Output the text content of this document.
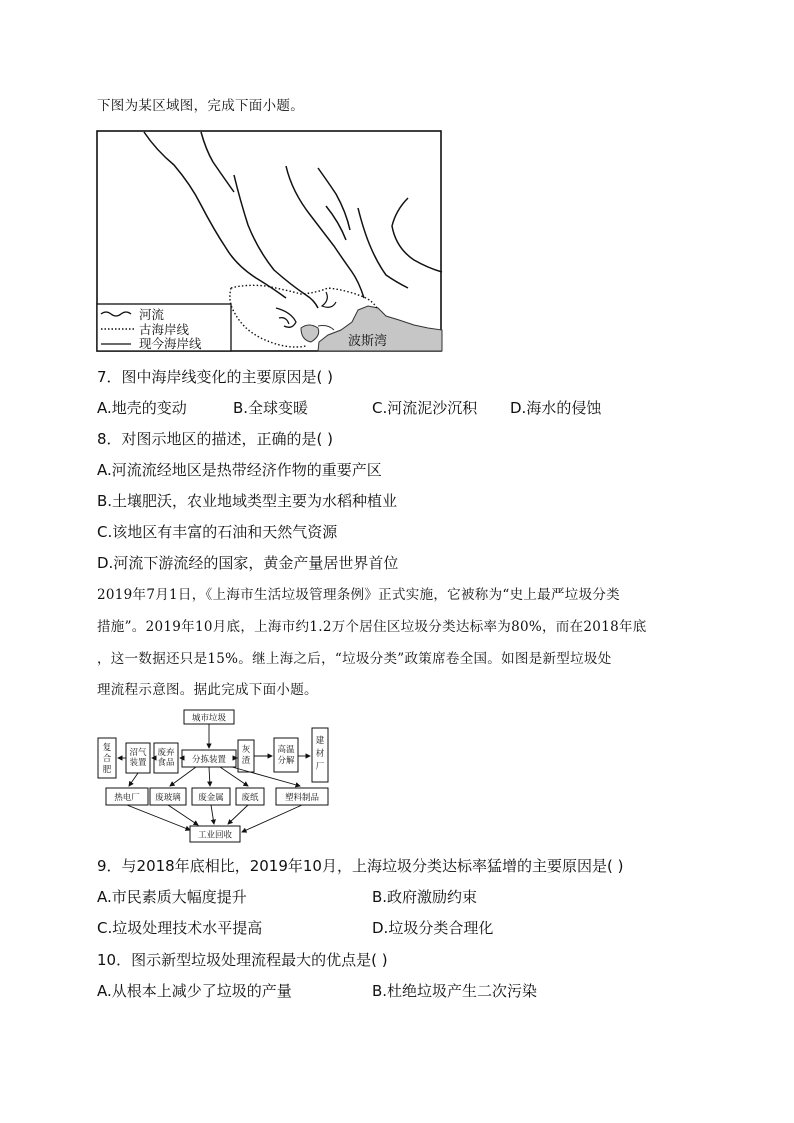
下图为某区域图，完成下面小题。
河流
古海岸线
现今海岸线	波斯湾
7．图中海岸线变化的主要原因是( )
A.地壳的变动	B.全球变暖	C.河流泥沙沉积 D.海水的侵蚀
8．对图示地区的描述，正确的是( )
A.河流流经地区是热带经济作物的重要产区
B.土壤肥沃，农业地域类型主要为水稻种植业
C.该地区有丰富的石油和天然气资源
D.河流下游流经的国家，黄金产量居世界首位
2019年7月1日，《上海市生活垃圾管理条例》正式实施，它被称为“史上最严垃圾分类
措施”。2019年10月底，上海市约1.2万个居住区垃圾分类达标率为80%，而在2018年底
，这一数据还只是15%。继上海之后，“垃圾分类”政策席卷全国。如图是新型垃圾处
理流程示意图。据此完成下面小题。
城市垃圾
分拣装置
工业回收
热电厂 废玻璃 废金属 废纸	塑料制品
废弃食品
沼气装置
复合肥
灰渣
高温分解
建材厂
9．与2018年底相比，2019年10月，上海垃圾分类达标率猛增的主要原因是( )
A.市民素质大幅度提升	B.政府激励约束
C.垃圾处理技术水平提高	D.垃圾分类合理化
10．图示新型垃圾处理流程最大的优点是( )
A.从根本上减少了垃圾的产量	B.杜绝垃圾产生二次污染
